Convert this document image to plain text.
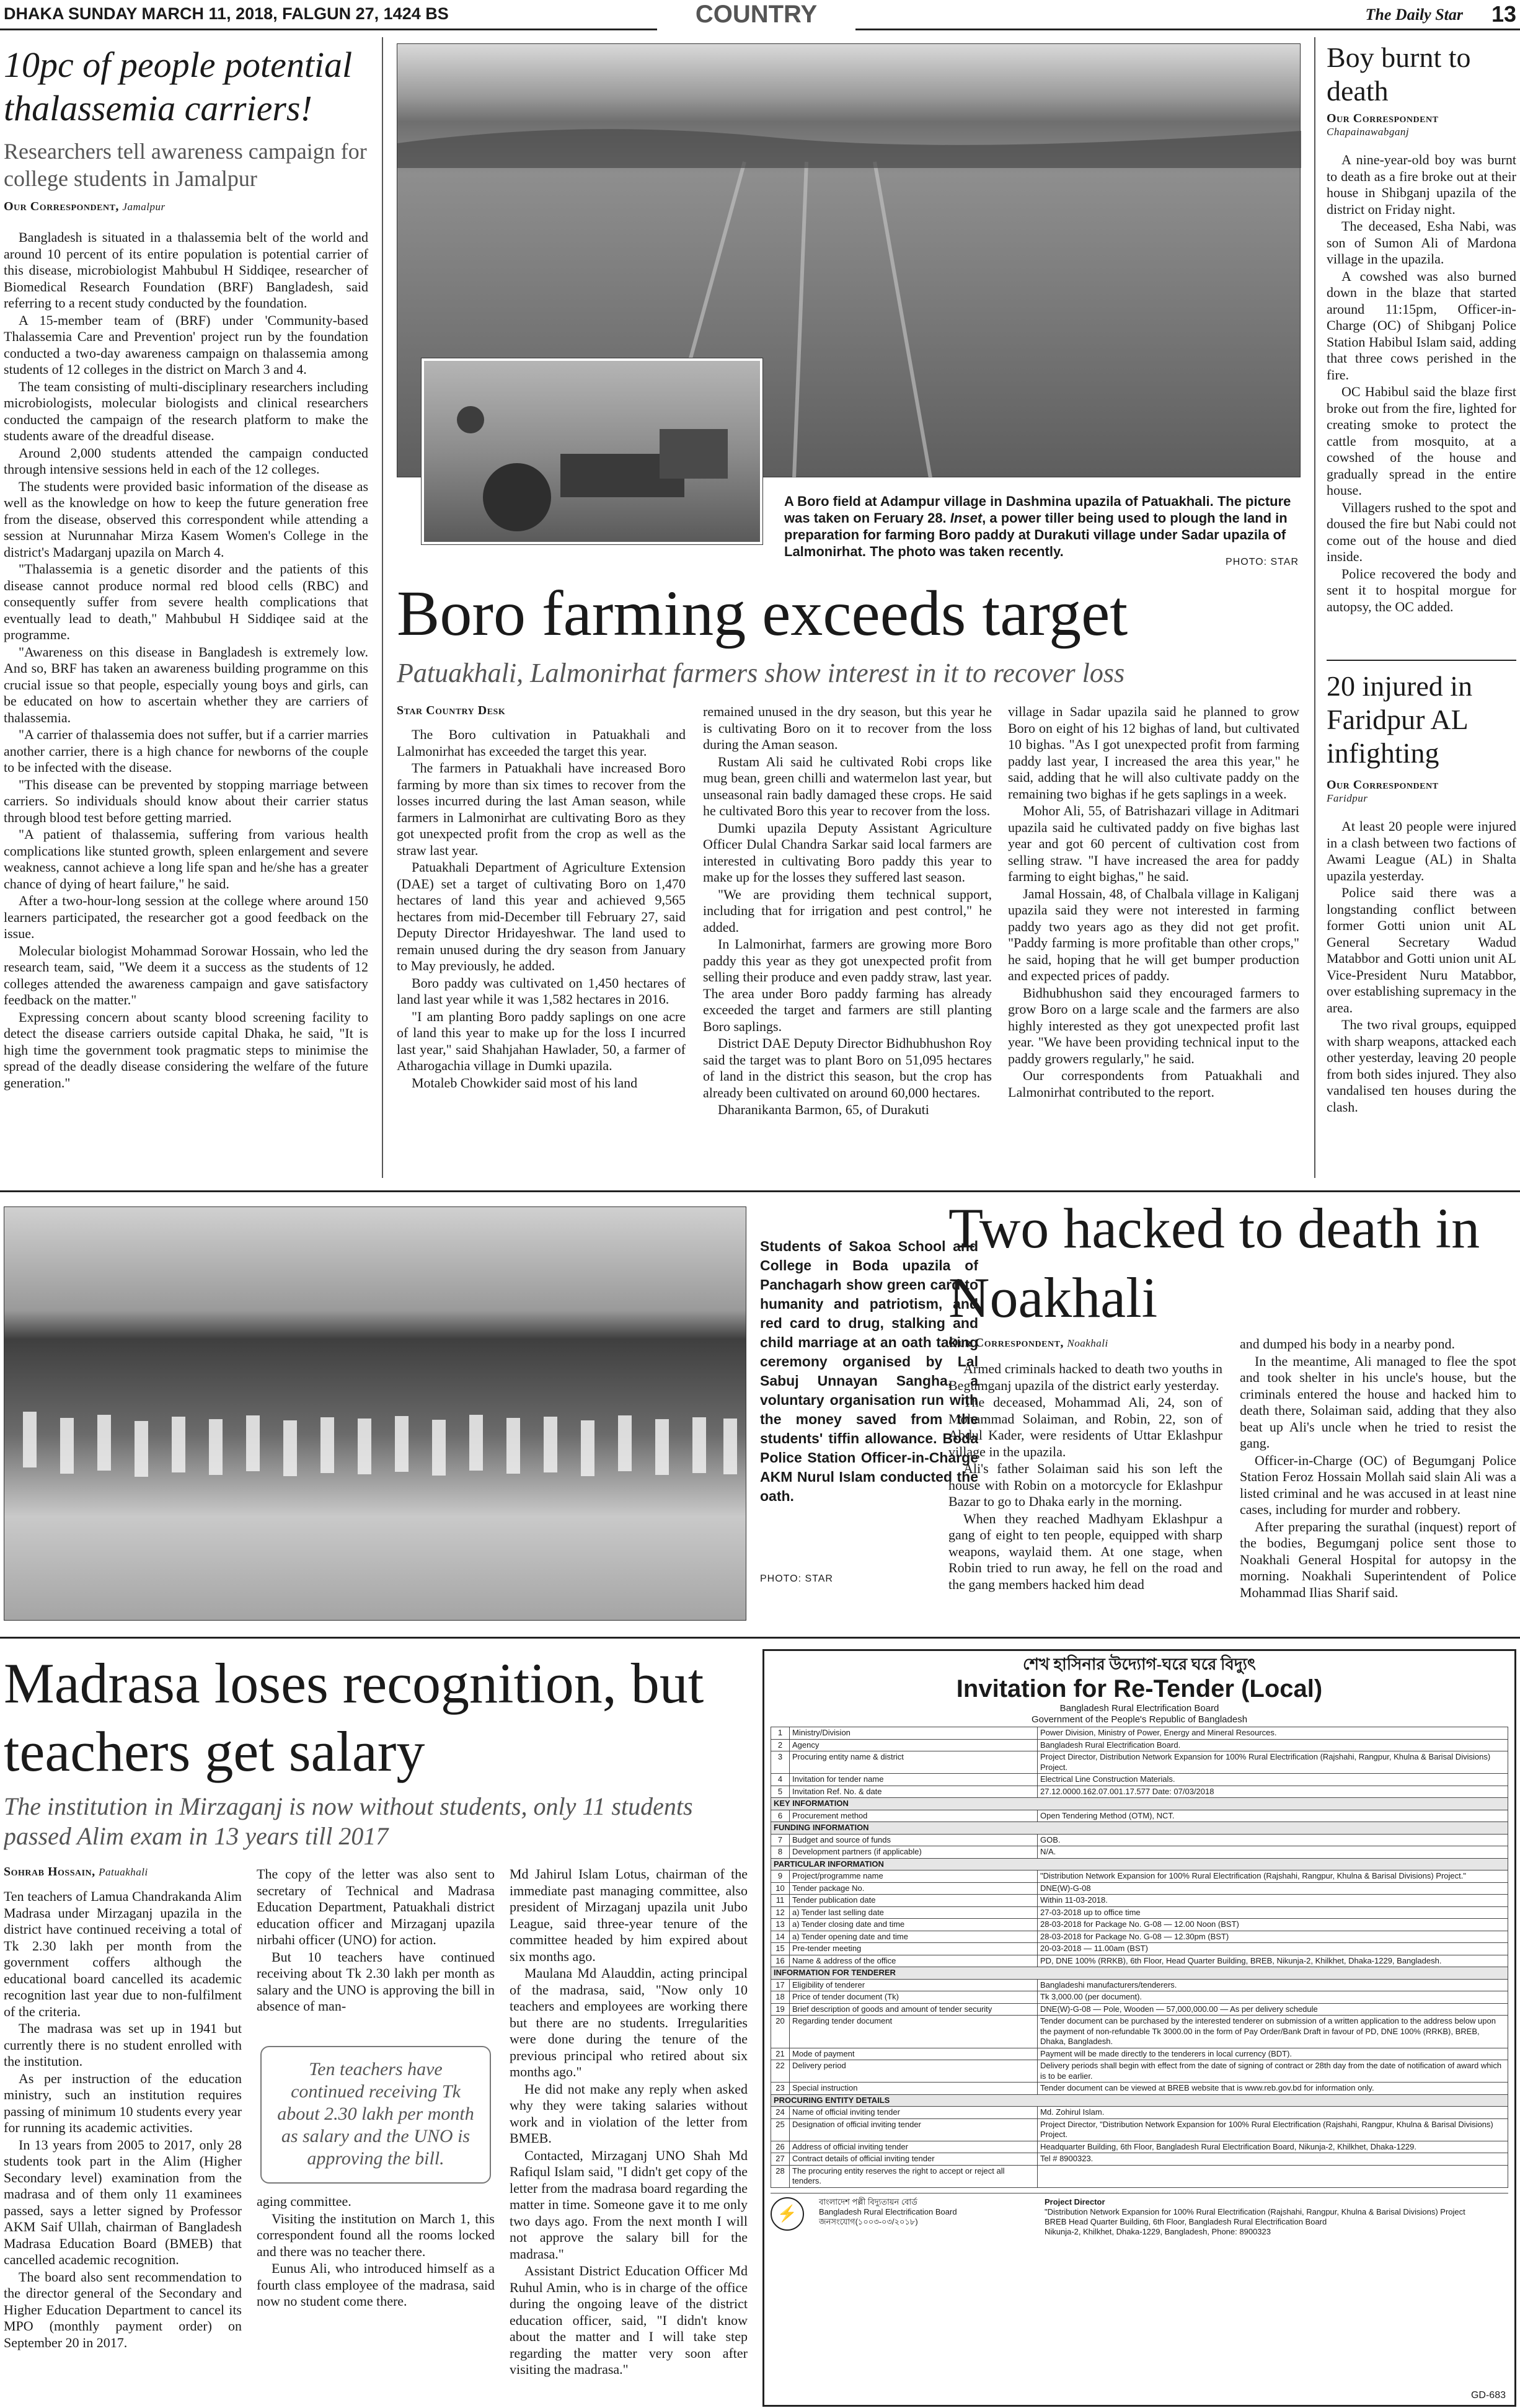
DHAKA SUNDAY MARCH 11, 2018, FALGUN 27, 1424 BS	COUNTRY	The Daily Star	13
10pc of people potential thalassemia carriers!
Researchers tell awareness campaign for college students in Jamalpur
Our Correspondent, Jamalpur

Bangladesh is situated in a thalassemia belt of the world and around 10 percent of its entire population is potential carrier of this disease, microbiologist Mahbubul H Siddiqee, researcher of Biomedical Research Foundation (BRF) Bangladesh, said referring to a recent study conducted by the foundation.

A 15-member team of (BRF) under 'Community-based Thalassemia Care and Prevention' project run by the foundation conducted a two-day awareness campaign on thalassemia among students of 12 colleges in the district on March 3 and 4.

The team consisting of multi-disciplinary researchers including microbiologists, molecular biologists and clinical researchers conducted the campaign of the research platform to make the students aware of the dreadful disease.

Around 2,000 students attended the campaign conducted through intensive sessions held in each of the 12 colleges.

The students were provided basic information of the disease as well as the knowledge on how to keep the future generation free from the disease, observed this correspondent while attending a session at Nurunnahar Mirza Kasem Women's College in the district's Madarganj upazila on March 4.

"Thalassemia is a genetic disorder and the patients of this disease cannot produce normal red blood cells (RBC) and consequently suffer from severe health complications that eventually lead to death," Mahbubul H Siddiqee said at the programme.

"Awareness on this disease in Bangladesh is extremely low. And so, BRF has taken an awareness building programme on this crucial issue so that people, especially young boys and girls, can be educated on how to ascertain whether they are carriers of thalassemia.

"A carrier of thalassemia does not suffer, but if a carrier marries another carrier, there is a high chance for newborns of the couple to be infected with the disease.

"This disease can be prevented by stopping marriage between carriers. So individuals should know about their carrier status through blood test before getting married.

"A patient of thalassemia, suffering from various health complications like stunted growth, spleen enlargement and severe weakness, cannot achieve a long life span and he/she has a greater chance of dying of heart failure," he said.

After a two-hour-long session at the college where around 150 learners participated, the researcher got a good feedback on the issue.

Molecular biologist Mohammad Sorowar Hossain, who led the research team, said, "We deem it a success as the students of 12 colleges attended the awareness campaign and gave satisfactory feedback on the matter."

Expressing concern about scanty blood screening facility to detect the disease carriers outside capital Dhaka, he said, "It is high time the government took pragmatic steps to minimise the spread of the deadly disease considering the welfare of the future generation."

A Boro field at Adampur village in Dashmina upazila of Patuakhali. The picture was taken on Feruary 28. Inset, a power tiller being used to plough the land in preparation for farming Boro paddy at Durakuti village under Sadar upazila of Lalmonirhat. The photo was taken recently.
PHOTO: STAR
Boro farming exceeds target
Patuakhali, Lalmonirhat farmers show interest in it to recover loss
Star Country Desk

The Boro cultivation in Patuakhali and Lalmonirhat has exceeded the target this year.

The farmers in Patuakhali have increased Boro farming by more than six times to recover from the losses incurred during the last Aman season, while farmers in Lalmonirhat are cultivating Boro as they got unexpected profit from the crop as well as the straw last year.

Patuakhali Department of Agriculture Extension (DAE) set a target of cultivating Boro on 1,470 hectares of land this year and achieved 9,565 hectares from mid-December till February 27, said Deputy Director Hridayeshwar. The land used to remain unused during the dry season from January to May previously, he added.

Boro paddy was cultivated on 1,450 hectares of land last year while it was 1,582 hectares in 2016.

"I am planting Boro paddy saplings on one acre of land this year to make up for the loss I incurred last year," said Shahjahan Hawlader, 50, a farmer of Atharogachia village in Dumki upazila.

Motaleb Chowkider said most of his land

remained unused in the dry season, but this year he is cultivating Boro on it to recover from the loss during the Aman season.

Rustam Ali said he cultivated Robi crops like mug bean, green chilli and watermelon last year, but unseasonal rain badly damaged these crops. He said he cultivated Boro this year to recover from the loss.

Dumki upazila Deputy Assistant Agriculture Officer Dulal Chandra Sarkar said local farmers are interested in cultivating Boro paddy this year to make up for the losses they suffered last season.

"We are providing them technical support, including that for irrigation and pest control," he added.

In Lalmonirhat, farmers are growing more Boro paddy this year as they got unexpected profit from selling their produce and even paddy straw, last year. The area under Boro paddy farming has already exceeded the target and farmers are still planting Boro saplings.

District DAE Deputy Director Bidhubhushon Roy said the target was to plant Boro on 51,095 hectares of land in the district this season, but the crop has already been cultivated on around 60,000 hectares.

Dharanikanta Barmon, 65, of Durakuti

village in Sadar upazila said he planned to grow Boro on eight of his 12 bighas of land, but cultivated 10 bighas. "As I got unexpected profit from farming paddy last year, I increased the area this year," he said, adding that he will also cultivate paddy on the remaining two bighas if he gets saplings in a week.

Mohor Ali, 55, of Batrishazari village in Aditmari upazila said he cultivated paddy on five bighas last year and got 60 percent of cultivation cost from selling straw. "I have increased the area for paddy farming to eight bighas," he said.

Jamal Hossain, 48, of Chalbala village in Kaliganj upazila said they were not interested in farming paddy two years ago as they did not get profit. "Paddy farming is more profitable than other crops," he said, hoping that he will get bumper production and expected prices of paddy.

Bidhubhushon said they encouraged farmers to grow Boro on a large scale and the farmers are also highly interested as they got unexpected profit last year. "We have been providing technical input to the paddy growers regularly," he said.

Our correspondents from Patuakhali and Lalmonirhat contributed to the report.

Boy burnt to death
Our Correspondent
Chapainawabganj

A nine-year-old boy was burnt to death as a fire broke out at their house in Shibganj upazila of the district on Friday night.

The deceased, Esha Nabi, was son of Sumon Ali of Mardona village in the upazila.

A cowshed was also burned down in the blaze that started around 11:15pm, Officer-in-Charge (OC) of Shibganj Police Station Habibul Islam said, adding that three cows perished in the fire.

OC Habibul said the blaze first broke out from the fire, lighted for creating smoke to protect the cattle from mosquito, at a cowshed of the house and gradually spread in the entire house.

Villagers rushed to the spot and doused the fire but Nabi could not come out of the house and died inside.

Police recovered the body and sent it to hospital morgue for autopsy, the OC added.

20 injured in Faridpur AL infighting
Our Correspondent
Faridpur

At least 20 people were injured in a clash between two factions of Awami League (AL) in Shalta upazila yesterday.

Police said there was a longstanding conflict between former Gotti union unit AL General Secretary Wadud Matabbor and Gotti union unit AL Vice-President Nuru Matabbor, over establishing supremacy in the area.

The two rival groups, equipped with sharp weapons, attacked each other yesterday, leaving 20 people from both sides injured. They also vandalised ten houses during the clash.

Students of Sakoa School and College in Boda upazila of Panchagarh show green card to humanity and patriotism, and red card to drug, stalking and child marriage at an oath taking ceremony organised by Lal Sabuj Unnayan Sangha, a voluntary organisation run with the money saved from the students' tiffin allowance. Boda Police Station Officer-in-Charge AKM Nurul Islam conducted the oath.
PHOTO: STAR
Two hacked to death in Noakhali
Our Correspondent, Noakhali

Armed criminals hacked to death two youths in Begumganj upazila of the district early yesterday.

The deceased, Mohammad Ali, 24, son of Mohammad Solaiman, and Robin, 22, son of Abdul Kader, were residents of Uttar Eklashpur village in the upazila.

Ali's father Solaiman said his son left the house with Robin on a motorcycle for Eklashpur Bazar to go to Dhaka early in the morning.

When they reached Madhyam Eklashpur a gang of eight to ten people, equipped with sharp weapons, waylaid them. At one stage, when Robin tried to run away, he fell on the road and the gang members hacked him dead

and dumped his body in a nearby pond.

In the meantime, Ali managed to flee the spot and took shelter in his uncle's house, but the criminals entered the house and hacked him to death there, Solaiman said, adding that they also beat up Ali's uncle when he tried to resist the gang.

Officer-in-Charge (OC) of Begumganj Police Station Feroz Hossain Mollah said slain Ali was a listed criminal and he was accused in at least nine cases, including for murder and robbery.

After preparing the surathal (inquest) report of the bodies, Begumganj police sent those to Noakhali General Hospital for autopsy in the morning. Noakhali Superintendent of Police Mohammad Ilias Sharif said.

Madrasa loses recognition, but teachers get salary
The institution in Mirzaganj is now without students, only 11 students passed Alim exam in 13 years till 2017
Sohrab Hossain, Patuakhali

Ten teachers of Lamua Chandrakanda Alim Madrasa under Mirzaganj upazila in the district have continued receiving a total of Tk 2.30 lakh per month from the government coffers although the educational board cancelled its academic recognition last year due to non-fulfilment of the criteria.

The madrasa was set up in 1941 but currently there is no student enrolled with the institution.

As per instruction of the education ministry, such an institution requires passing of minimum 10 students every year for running its academic activities.

In 13 years from 2005 to 2017, only 28 students took part in the Alim (Higher Secondary level) examination from the madrasa and of them only 11 examinees passed, says a letter signed by Professor AKM Saif Ullah, chairman of Bangladesh Madrasa Education Board (BMEB) that cancelled academic recognition.

The board also sent recommendation to the director general of the Secondary and Higher Education Department to cancel its MPO (monthly payment order) on September 20 in 2017.

The copy of the letter was also sent to secretary of Technical and Madrasa Education Department, Patuakhali district education officer and Mirzaganj upazila nirbahi officer (UNO) for action.

But 10 teachers have continued receiving about Tk 2.30 lakh per month as salary and the UNO is approving the bill in absence of man-

Ten teachers have continued receiving Tk about 2.30 lakh per month as salary and the UNO is approving the bill.

aging committee.

Visiting the institution on March 1, this correspondent found all the rooms locked and there was no teacher there.

Eunus Ali, who introduced himself as a fourth class employee of the madrasa, said now no student come there.

Md Jahirul Islam Lotus, chairman of the immediate past managing committee, also president of Mirzaganj upazila unit Jubo League, said three-year tenure of the committee headed by him expired about six months ago.

Maulana Md Alauddin, acting principal of the madrasa, said, "Now only 10 teachers and employees are working there but there are no students. Irregularities were done during the tenure of the previous principal who retired about six months ago."

He did not make any reply when asked why they were taking salaries without work and in violation of the letter from BMEB.

Contacted, Mirzaganj UNO Shah Md Rafiqul Islam said, "I didn't get copy of the letter from the madrasa board regarding the matter in time. Someone gave it to me only two days ago. From the next month I will not approve the salary bill for the madrasa."

Assistant District Education Officer Md Ruhul Amin, who is in charge of the office during the ongoing leave of the district education officer, said, "I didn't know about the matter and I will take step regarding the matter very soon after visiting the madrasa."

শেখ হাসিনার উদ্যোগ-ঘরে ঘরে বিদ্যুৎ
Invitation for Re-Tender (Local)
Bangladesh Rural Electrification Board
Government of the People's Republic of Bangladesh
1	Ministry/Division	Power Division, Ministry of Power, Energy and Mineral Resources.
2	Agency	Bangladesh Rural Electrification Board.
3	Procuring entity name & district	Project Director, Distribution Network Expansion for 100% Rural Electrification (Rajshahi, Rangpur, Khulna & Barisal Divisions) Project.
4	Invitation for tender name	Electrical Line Construction Materials.
5	Invitation Ref. No. & date	27.12.0000.162.07.001.17.577 Date: 07/03/2018
KEY INFORMATION		
6	Procurement method	Open Tendering Method (OTM), NCT.
FUNDING INFORMATION		
7	Budget and source of funds	GOB.
8	Development partners (if applicable)	N/A.
PARTICULAR INFORMATION		
9	Project/programme name	"Distribution Network Expansion for 100% Rural Electrification (Rajshahi, Rangpur, Khulna & Barisal Divisions) Project."
10	Tender package No.	DNE(W)-G-08
11	Tender publication date	Within 11-03-2018.
12	a) Tender last selling date	27-03-2018 up to office time
13	a) Tender closing date and time	28-03-2018 for Package No. G-08 — 12.00 Noon (BST)
14	a) Tender opening date and time	28-03-2018 for Package No. G-08 — 12.30pm (BST)
15	Pre-tender meeting	20-03-2018 — 11.00am (BST)
16	Name & address of the office	PD, DNE 100% (RRKB), 6th Floor, Head Quarter Building, BREB, Nikunja-2, Khilkhet, Dhaka-1229, Bangladesh.
INFORMATION FOR TENDERER		
17	Eligibility of tenderer	Bangladeshi manufacturers/tenderers.
18	Price of tender document (Tk)	Tk 3,000.00 (per document).
19	Brief description of goods and amount of tender security	DNE(W)-G-08 — Pole, Wooden — 57,000,000.00 — As per delivery schedule
20	Regarding tender document	Tender document can be purchased by the interested tenderer on submission of a written application to the address below upon the payment of non-refundable Tk 3000.00 in the form of Pay Order/Bank Draft in favour of PD, DNE 100% (RRKB), BREB, Dhaka, Bangladesh.
21	Mode of payment	Payment will be made directly to the tenderers in local currency (BDT).
22	Delivery period	Delivery periods shall begin with effect from the date of signing of contract or 28th day from the date of notification of award which is to be earlier.
23	Special instruction	Tender document can be viewed at BREB website that is www.reb.gov.bd for information only.
PROCURING ENTITY DETAILS		
24	Name of official inviting tender	Md. Zohirul Islam.
25	Designation of official inviting tender	Project Director, "Distribution Network Expansion for 100% Rural Electrification (Rajshahi, Rangpur, Khulna & Barisal Divisions) Project.
26	Address of official inviting tender	Headquarter Building, 6th Floor, Bangladesh Rural Electrification Board, Nikunja-2, Khilkhet, Dhaka-1229.
27	Contract details of official inviting tender	Tel # 8900323.
28	The procuring entity reserves the right to accept or reject all tenders.	
⚡
বাংলাদেশ পল্লী বিদ্যুতায়ন বোর্ড
Bangladesh Rural Electrification Board
জনসংযোগ(১০০৩-০৩/২০১৮)
Project Director
"Distribution Network Expansion for 100% Rural Electrification (Rajshahi, Rangpur, Khulna & Barisal Divisions) Project
BREB Head Quarter Building, 6th Floor, Bangladesh Rural Electrification Board
Nikunja-2, Khilkhet, Dhaka-1229, Bangladesh, Phone: 8900323
GD-683
